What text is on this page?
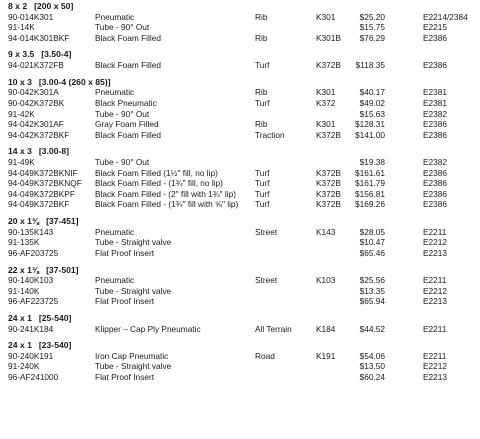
8 x 2 [200 x 50]
90-014K301	Pneumatic	Rib	K301	$25.20	E2214/2384
91-14K	Tube - 90° Out	$15.75	E2215
94-014K301BKF	Black Foam Filled	Rib	K301B $76.29	E2386
9 x 3.5 [3.50-4]
94-021K372FB	Black Foam Filled	Turf	K372B $118.35	E2386
10 x 3 [3.00-4 (260 x 85)]
90-042K301A	Pneumatic	Rib	K301	$40.17	E2381
90-042K372BK	Black Pneumatic	Turf	K372	$49.02	E2381
91-42K	Tube - 90° Out	$15.63	E2382
94-042K301AF	Gray Foam Filled	Rib	K301 $128.31	E2386
94-042K372BKF	Black Foam Filled	Traction	K372B $141.00	E2386
14 x 3 [3.00-8]
91-49K	Tube - 90° Out	$19.38	E2382
94-049K372BKNIF Black Foam Filled (1½" fill, no lip)	Turf	K372B $161.61	E2386
94-049K372BKNQF Black Foam Filled - (1¾" fill, no lip)	Turf	K372B $161.79	E2386
94-049K372BKPF Black Foam Filled - (2" fill with 1¾" lip) Turf	K372B $156.81	E2386
94-049K372BKF	Black Foam Filled - (1¾" fill with ⅝" lip) Turf	K372B $169.26	E2386
20 x 1⅜ [37-451]
90-135K143	Pneumatic	Street	K143	$28.05	E2211
91-135K	Tube - Straight valve	$10.47	E2212
96-AF203725	Flat Proof Insert	$65.46	E2213
22 x 1⅜ [37-501]
90-140K103	Pneumatic	Street	K103	$25.56	E2211
91-140K	Tube - Straight valve	$13.35	E2212
96-AF223725	Flat Proof Insert	$65.94	E2213
24 x 1 [25-540]
90-241K184	Klipper – Cap Ply Pneumatic	All Terrain	K184	$44.52	E2211
24 x 1 [23-540]
90-240K191	Iron Cap Pneumatic	Road	K191	$54.06	E2211
91-240K	Tube - Straight valve	$13.50	E2212
96-AF241000	Flat Proof Insert	$60.24	E2213
